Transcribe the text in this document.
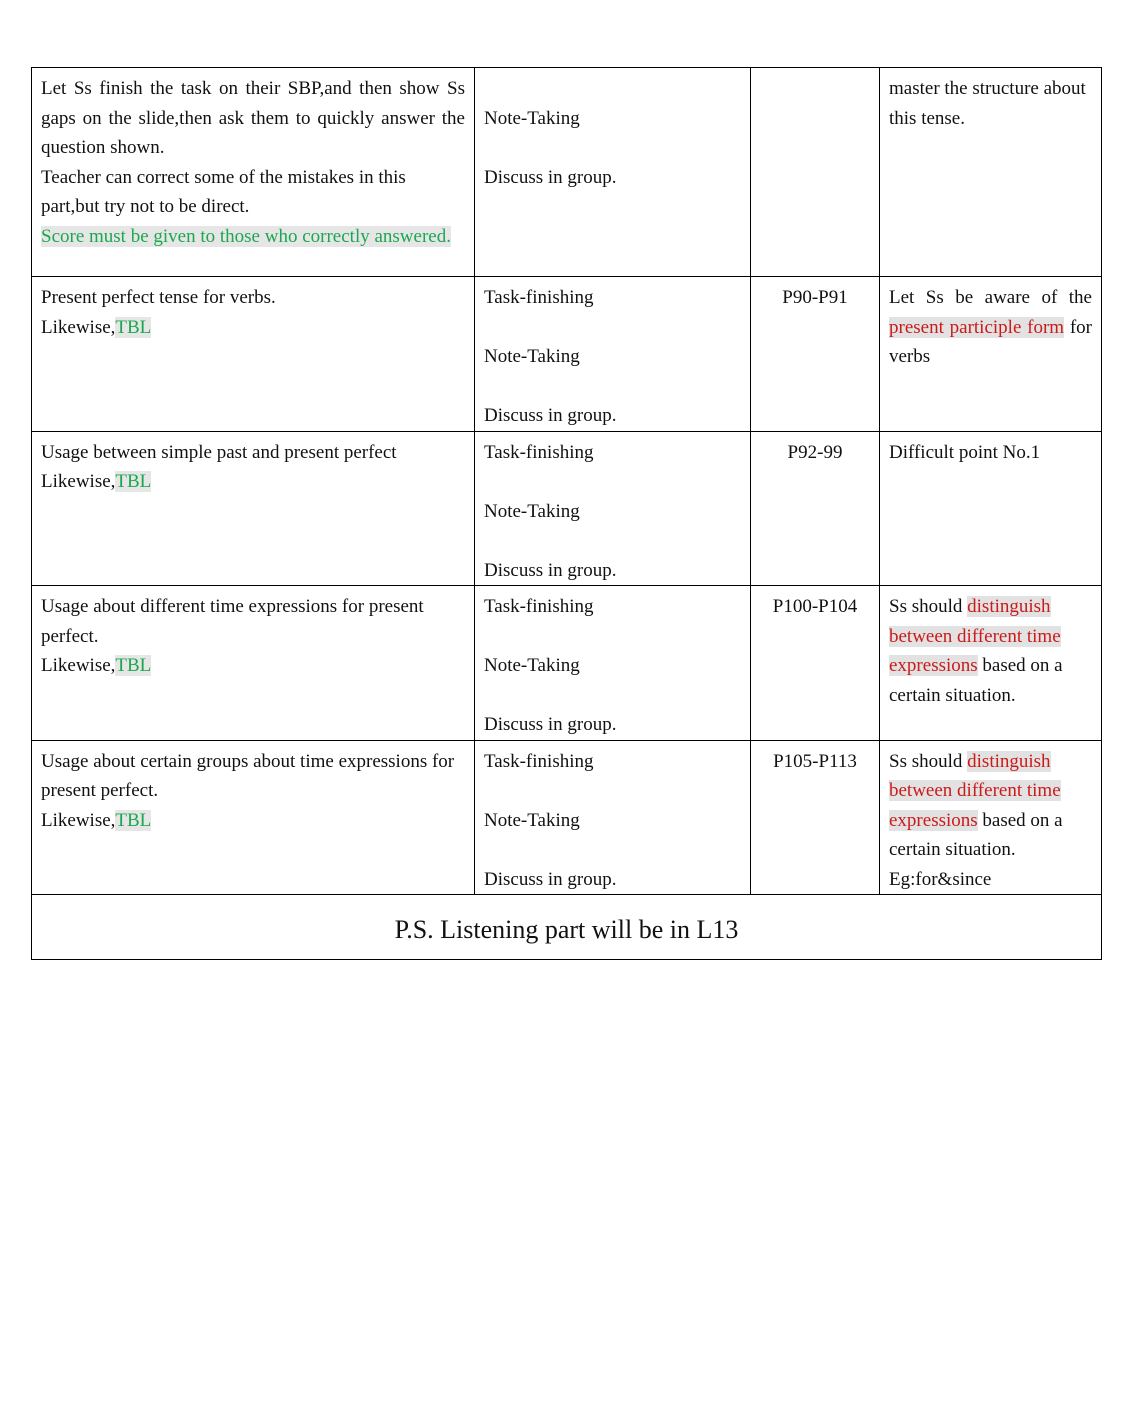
Let Ss finish the task on their SBP,and then show Ss gaps on the slide,then ask them to quickly answer the question shown.
Teacher can correct some of the mistakes in this part,but try not to be direct.
Score must be given to those who correctly answered.	Note-Taking
Discuss in group.		master the structure about this tense.

Present perfect tense for verbs.
Likewise,TBL	Task-finishing
Note-Taking
Discuss in group.	P90-P91	Let Ss be aware of the present participle form for verbs

Usage between simple past and present perfect
Likewise,TBL	Task-finishing
Note-Taking
Discuss in group.	P92-99	Difficult point No.1

Usage about different time expressions for present perfect.
Likewise,TBL	Task-finishing
Note-Taking
Discuss in group.	P100-P104	Ss should distinguish between different time expressions based on a certain situation.

Usage about certain groups about time expressions for present perfect.
Likewise,TBL	Task-finishing
Note-Taking
Discuss in group.	P105-P113	Ss should distinguish between different time expressions based on a certain situation.
Eg:for&since

P.S. Listening part will be in L13			
